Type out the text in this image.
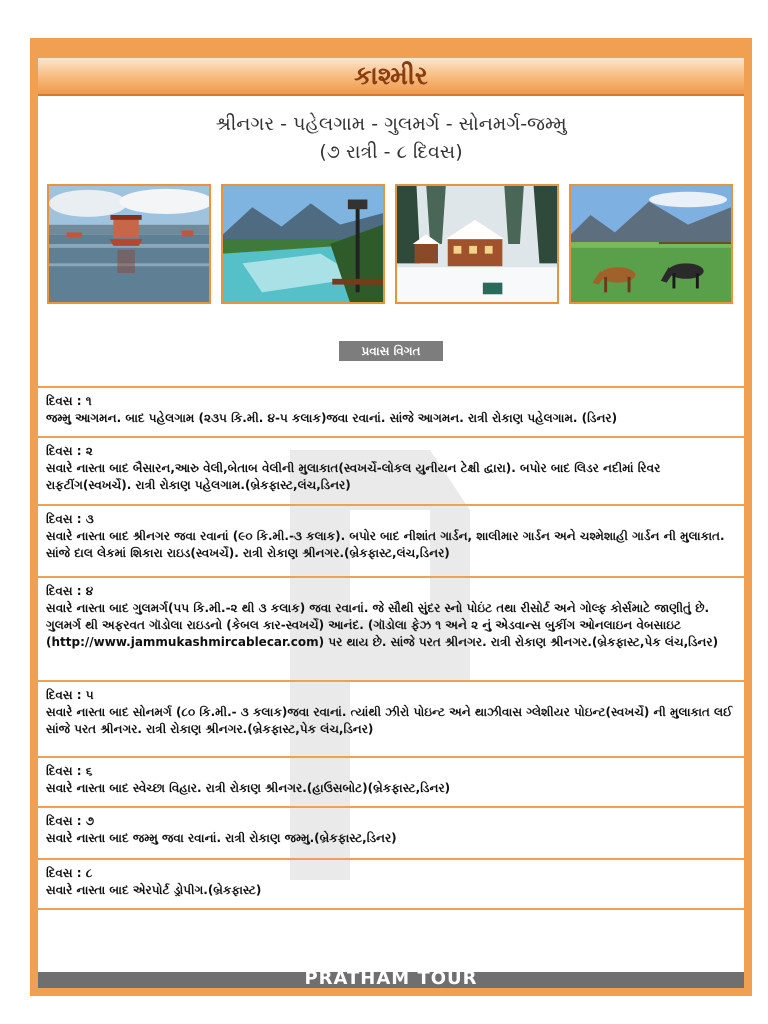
કાશ્મીર
શ્રીનગર - પહેલગામ - ગુલમર્ગ - સોનમર્ગ-જમ્મુ
(૭ રાત્રી - ૮ દિવસ)
પ્રવાસ વિગત
દિવસ : ૧
જમ્મુ આગમન. બાદ પહેલગામ (૨૩૫ કિ.મી. ૪-૫ કલાક)જવા રવાનાં. સાંજે આગમન. રાત્રી રોકાણ પહેલગામ. (ડિનર)
દિવસ : ૨
સવારે નાસ્તા બાદ બૈસારન,આરુ વેલી,બેતાબ વેલીની મુલાકાત(સ્વખર્ચે-લોકલ યુનીયન ટેક્ષી દ્વારા). બપોર બાદ લિડર નદીમાં રિવર રાફટીંગ(સ્વખર્ચે). રાત્રી રોકાણ પહેલગામ.(બ્રેકફાસ્ટ,લંચ,ડિનર)
દિવસ : ૩
સવારે નાસ્તા બાદ શ્રીનગર જવા રવાનાં (૯૦ કિ.મી.-૩ કલાક). બપોર બાદ નીશાંત ગાર્ડન, શાલીમાર ગાર્ડન અને ચશ્મેશાહી ગાર્ડન ની મુલાકાત. સાંજે દાલ લેકમાં શિકારા રાઇડ(સ્વખર્ચે). રાત્રી રોકાણ શ્રીનગર.(બ્રેકફાસ્ટ,લંચ,ડિનર)
દિવસ : ૪
સવારે નાસ્તા બાદ ગુલમર્ગ(૫૫ કિ.મી.-૨ થી ૩ કલાક) જવા રવાનાં. જે સૌથી સુંદર સ્નો પોઇંટ તથા રીસોર્ટ અને ગોલ્ફ કોર્સમાટે જાણીતું છે. ગુલમર્ગ થી અફરવત ગૉડોલા રાઇડનો (કેબલ કાર-સ્વખર્ચે) આનંદ. (ગૉડોલા ફેઝ ૧ અને ૨ નું એડવાન્સ બુકીંગ ઓનલાઇન વેબસાઇટ (http://www.jammukashmircablecar.com) પર થાય છે. સાંજે પરત શ્રીનગર. રાત્રી રોકાણ શ્રીનગર.(બ્રેકફાસ્ટ,પેક લંચ,ડિનર)
દિવસ : ૫
સવારે નાસ્તા બાદ સોનમર્ગ (૮૦ કિ.મી.- ૩ કલાક)જવા રવાનાં. ત્યાંથી ઝીરો પોઇન્ટ અને થાઝીવાસ ગ્લેશીયર પોઇન્ટ(સ્વખર્ચે) ની મુલાકાત લઈ સાંજે પરત શ્રીનગર. રાત્રી રોકાણ શ્રીનગર.(બ્રેકફાસ્ટ,પેક લંચ,ડિનર)
દિવસ : ૬
સવારે નાસ્તા બાદ સ્વેચ્છા વિહાર. રાત્રી રોકાણ શ્રીનગર.(હાઉસબોટ)(બ્રેકફાસ્ટ,ડિનર)
દિવસ : ૭
સવારે નાસ્તા બાદ જમ્મુ જવા રવાનાં. રાત્રી રોકાણ જમ્મુ.(બ્રેકફાસ્ટ,ડિનર)
દિવસ : ૮
સવારે નાસ્તા બાદ એરપોર્ટ ડ્રોપીગ.(બ્રેકફાસ્ટ)
PRATHAM TOUR
